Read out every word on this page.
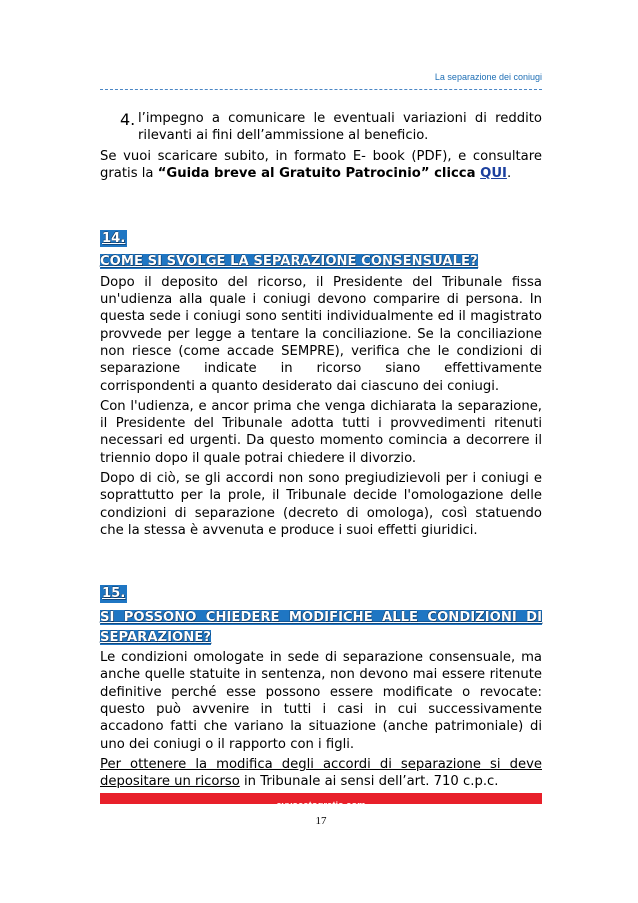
La separazione dei coniugi
4. l’impegno a comunicare le eventuali variazioni di reddito rilevanti ai fini dell’ammissione al beneficio.

Se vuoi scaricare subito, in formato E- book (PDF), e consultare gratis la “Guida breve al Gratuito Patrocinio” clicca QUI.

14.
COME SI SVOLGE LA SEPARAZIONE CONSENSUALE?

Dopo il deposito del ricorso, il Presidente del Tribunale fissa un'udienza alla quale i coniugi devono comparire di persona. In questa sede i coniugi sono sentiti individualmente ed il magistrato provvede per legge a tentare la conciliazione. Se la conciliazione non riesce (come accade SEMPRE), verifica che le condizioni di separazione indicate in ricorso siano effettivamente corrispondenti a quanto desiderato dai ciascuno dei coniugi.

Con l'udienza, e ancor prima che venga dichiarata la separazione, il Presidente del Tribunale adotta tutti i provvedimenti ritenuti necessari ed urgenti. Da questo momento comincia a decorrere il triennio dopo il quale potrai chiedere il divorzio.

Dopo di ciò, se gli accordi non sono pregiudizievoli per i coniugi e soprattutto per la prole, il Tribunale decide l'omologazione delle condizioni di separazione (decreto di omologa), così statuendo che la stessa è avvenuta e produce i suoi effetti giuridici.

15.
SI POSSONO CHIEDERE MODIFICHE ALLE CONDIZIONI DI SEPARAZIONE?

Le condizioni omologate in sede di separazione consensuale, ma anche quelle statuite in sentenza, non devono mai essere ritenute definitive perché esse possono essere modificate o revocate: questo può avvenire in tutti i casi in cui successivamente accadono fatti che variano la situazione (anche patrimoniale) di uno dei coniugi o il rapporto con i figli.

Per ottenere la modifica degli accordi di separazione si deve depositare un ricorso in Tribunale ai sensi dell’art. 710 c.p.c.

avvocatogratis.com
17
